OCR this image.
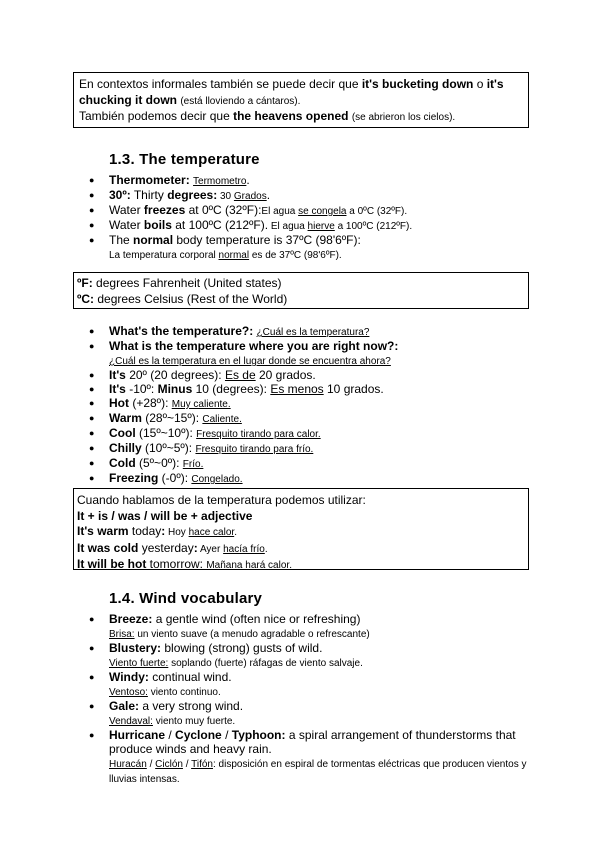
En contextos informales también se puede decir que it's bucketing down o it's

chucking it down (está lloviendo a cántaros).

También podemos decir que the heavens opened (se abrieron los cielos).

1.3. The temperature
● Thermometer: Termometro.
● 30º: Thirty degrees: 30 Grados.
● Water freezes at 0ºC (32ºF):El agua se congela a 0ºC (32ºF).
● Water boils at 100ºC (212ºF). El agua hierve a 100ºC (212ºF).
● The normal body temperature is 37ºC (98'6ºF):
La temperatura corporal normal es de 37ºC (98'6ºF).

ºF: degrees Fahrenheit (United states)

ºC: degrees Celsius (Rest of the World)

● What's the temperature?: ¿Cuál es la temperatura?
● What is the temperature where you are right now?:
¿Cuál es la temperatura en el lugar donde se encuentra ahora?
● It's 20º (20 degrees): Es de 20 grados.
● It's -10º: Minus 10 (degrees): Es menos 10 grados.
● Hot (+28º): Muy caliente.
● Warm (28º~15º): Caliente.
● Cool (15º~10º): Fresquito tirando para calor.
● Chilly (10º~5º): Fresquito tirando para frío.
● Cold (5º~0º): Frío.
● Freezing (-0º): Congelado.

Cuando hablamos de la temperatura podemos utilizar:

It + is / was / will be + adjective

It's warm today: Hoy hace calor.

It was cold yesterday: Ayer hacía frío.

It will be hot tomorrow: Mañana hará calor.

1.4. Wind vocabulary
● Breeze: a gentle wind (often nice or refreshing)
Brisa: un viento suave (a menudo agradable o refrescante)
● Blustery: blowing (strong) gusts of wild.
Viento fuerte: soplando (fuerte) ráfagas de viento salvaje.
● Windy: continual wind.
Ventoso: viento continuo.
● Gale: a very strong wind.
Vendaval: viento muy fuerte.
● Hurricane / Cyclone / Typhoon: a spiral arrangement of thunderstorms that produce winds and heavy rain.
Huracán / Ciclón / Tifón: disposición en espiral de tormentas eléctricas que producen vientos y lluvias intensas.
